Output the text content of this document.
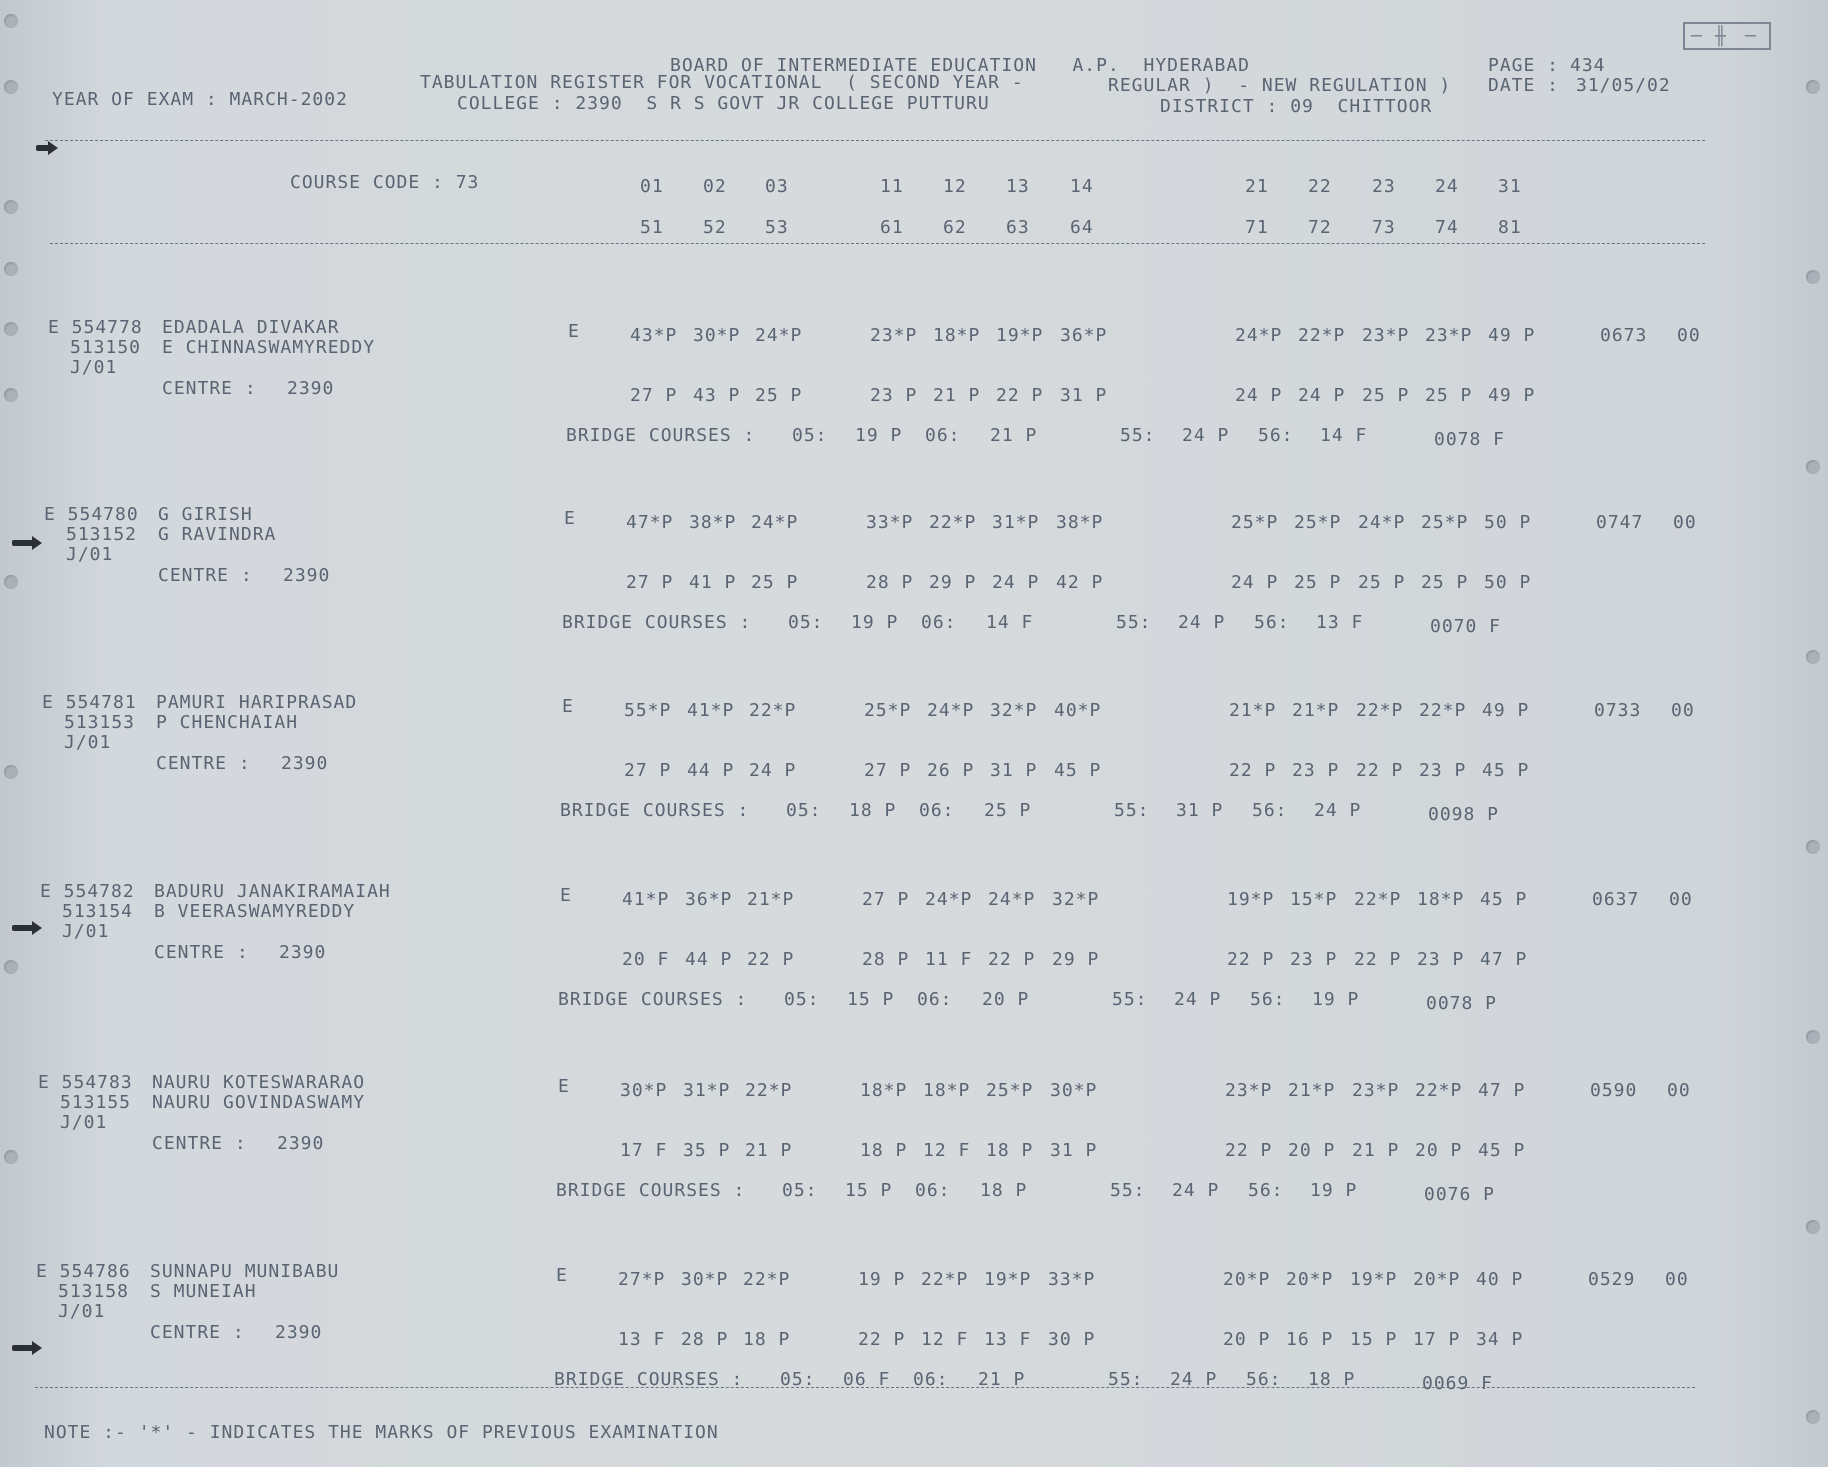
─ ╫ ─
BOARD OF INTERMEDIATE EDUCATION   A.P.  HYDERABAD	PAGE : 434
YEAR OF EXAM : MARCH-2002
TABULATION REGISTER FOR VOCATIONAL  ( SECOND YEAR -	REGULAR )  - NEW REGULATION ) DATE : 31/05/02
COLLEGE : 2390  S R S GOVT JR COLLEGE PUTTURU	DISTRICT : 09  CHITTOOR
COURSE CODE : 73	01 02 03	11 12 13 14	21 22 23 24 31
51 52 53	61 62 63 64	71 72 73 74 81
E 554778 EDADALA DIVAKAR
513150 E CHINNASWAMYREDDY
J/01
CENTRE : 2390
E	43*P 30*P 24*P	23*P 18*P 19*P 36*P	24*P 22*P 23*P 23*P 49 P	0673 00
27 P 43 P 25 P	23 P 21 P 22 P 31 P	24 P 24 P 25 P 25 P 49 P
BRIDGE COURSES : 05: 19 P 06: 21 P	55: 24 P 56: 14 F	0078 F
E 554780 G GIRISH
513152 G RAVINDRA
J/01
CENTRE : 2390
E	47*P 38*P 24*P	33*P 22*P 31*P 38*P	25*P 25*P 24*P 25*P 50 P	0747 00
27 P 41 P 25 P	28 P 29 P 24 P 42 P	24 P 25 P 25 P 25 P 50 P
BRIDGE COURSES : 05: 19 P 06: 14 F	55: 24 P 56: 13 F	0070 F
E 554781 PAMURI HARIPRASAD
513153 P CHENCHAIAH
J/01
CENTRE : 2390
E	55*P 41*P 22*P	25*P 24*P 32*P 40*P	21*P 21*P 22*P 22*P 49 P	0733 00
27 P 44 P 24 P	27 P 26 P 31 P 45 P	22 P 23 P 22 P 23 P 45 P
BRIDGE COURSES : 05: 18 P 06: 25 P	55: 31 P 56: 24 P	0098 P
E 554782 BADURU JANAKIRAMAIAH
513154 B VEERASWAMYREDDY
J/01
CENTRE : 2390
E	41*P 36*P 21*P	27 P 24*P 24*P 32*P	19*P 15*P 22*P 18*P 45 P	0637 00
20 F 44 P 22 P	28 P 11 F 22 P 29 P	22 P 23 P 22 P 23 P 47 P
BRIDGE COURSES : 05: 15 P 06: 20 P	55: 24 P 56: 19 P	0078 P
E 554783 NAURU KOTESWARARAO
513155 NAURU GOVINDASWAMY
J/01
CENTRE : 2390
E	30*P 31*P 22*P	18*P 18*P 25*P 30*P	23*P 21*P 23*P 22*P 47 P	0590 00
17 F 35 P 21 P	18 P 12 F 18 P 31 P	22 P 20 P 21 P 20 P 45 P
BRIDGE COURSES : 05: 15 P 06: 18 P	55: 24 P 56: 19 P	0076 P
E 554786 SUNNAPU MUNIBABU
513158 S MUNEIAH
J/01
CENTRE : 2390
E	27*P 30*P 22*P	19 P 22*P 19*P 33*P	20*P 20*P 19*P 20*P 40 P	0529 00
13 F 28 P 18 P	22 P 12 F 13 F 30 P	20 P 16 P 15 P 17 P 34 P
BRIDGE COURSES : 05: 06 F 06: 21 P	55: 24 P 56: 18 P	0069 F
NOTE :- '*' - INDICATES THE MARKS OF PREVIOUS EXAMINATION
